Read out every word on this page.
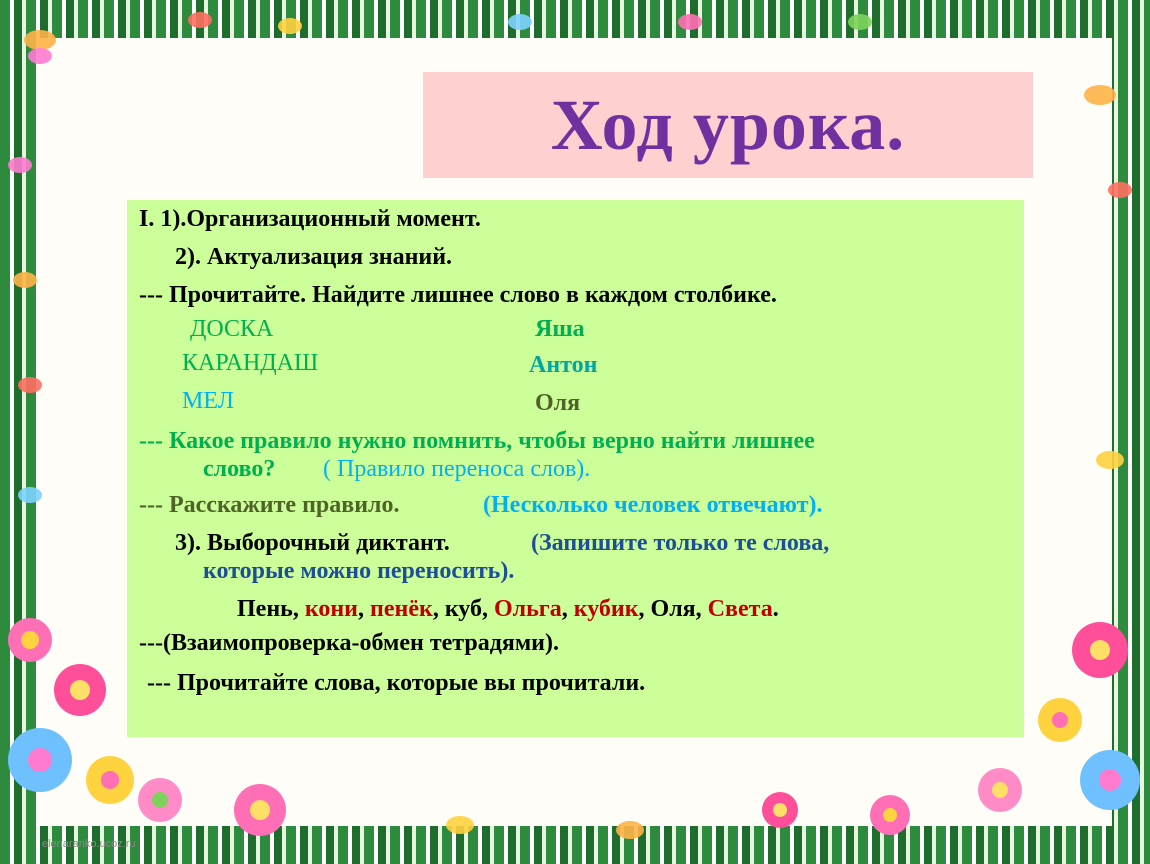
Ход урока.
I. 1).Организационный момент.
2). Актуализация знаний.
--- Прочитайте. Найдите лишнее слово в каждом столбике.
ДОСКА
КАРАНДАШ
МЕЛ
Яша
Антон
Оля
--- Какое правило нужно помнить, чтобы верно найти лишнее
слово? ( Правило переноса слов).
--- Расскажите правило.	(Несколько человек отвечают).
3). Выборочный диктант.	(Запишите только те слова,
которые можно переносить).
Пень, кони, пенёк, куб, Ольга, кубик, Оля, Света.
---(Взаимопроверка-обмен тетрадями).
--- Прочитайте слова, которые вы прочитали.
elenaranko.ucoz.ru
